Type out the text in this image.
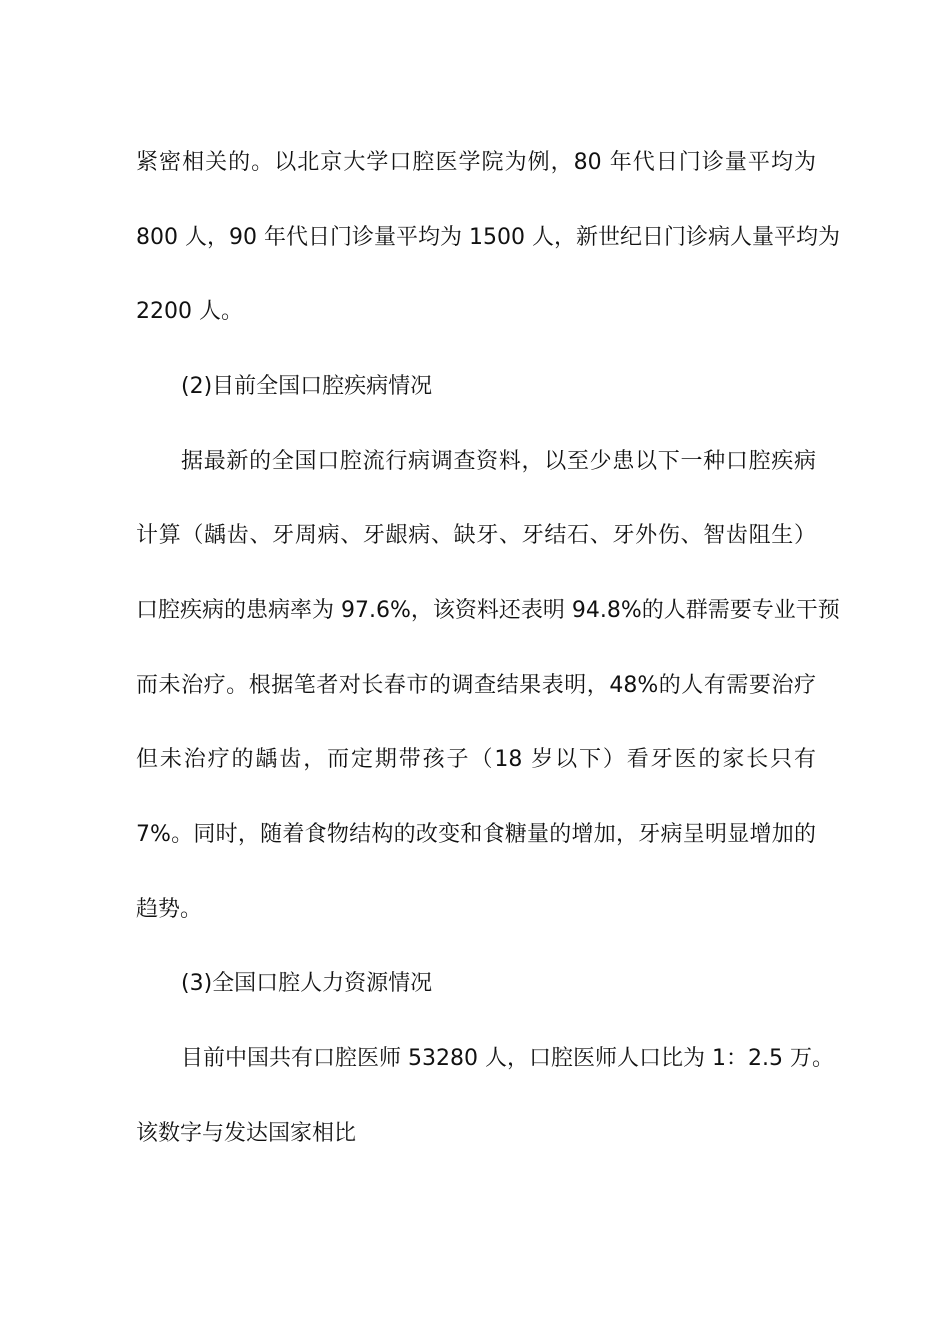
紧密相关的。以北京大学口腔医学院为例，80 年代日门诊量平均为
800 人，90 年代日门诊量平均为 1500 人，新世纪日门诊病人量平均为
2200 人。
(2)目前全国口腔疾病情况
据最新的全国口腔流行病调查资料，以至少患以下一种口腔疾病
计算（龋齿、牙周病、牙龈病、缺牙、牙结石、牙外伤、智齿阻生）
口腔疾病的患病率为 97.6%，该资料还表明 94.8%的人群需要专业干预
而未治疗。根据笔者对长春市的调查结果表明，48%的人有需要治疗
但未治疗的龋齿，而定期带孩子（18 岁以下）看牙医的家长只有
7%。同时，随着食物结构的改变和食糖量的增加，牙病呈明显增加的
趋势。
(3)全国口腔人力资源情况
目前中国共有口腔医师 53280 人，口腔医师人口比为 1：2.5 万。
该数字与发达国家相比
